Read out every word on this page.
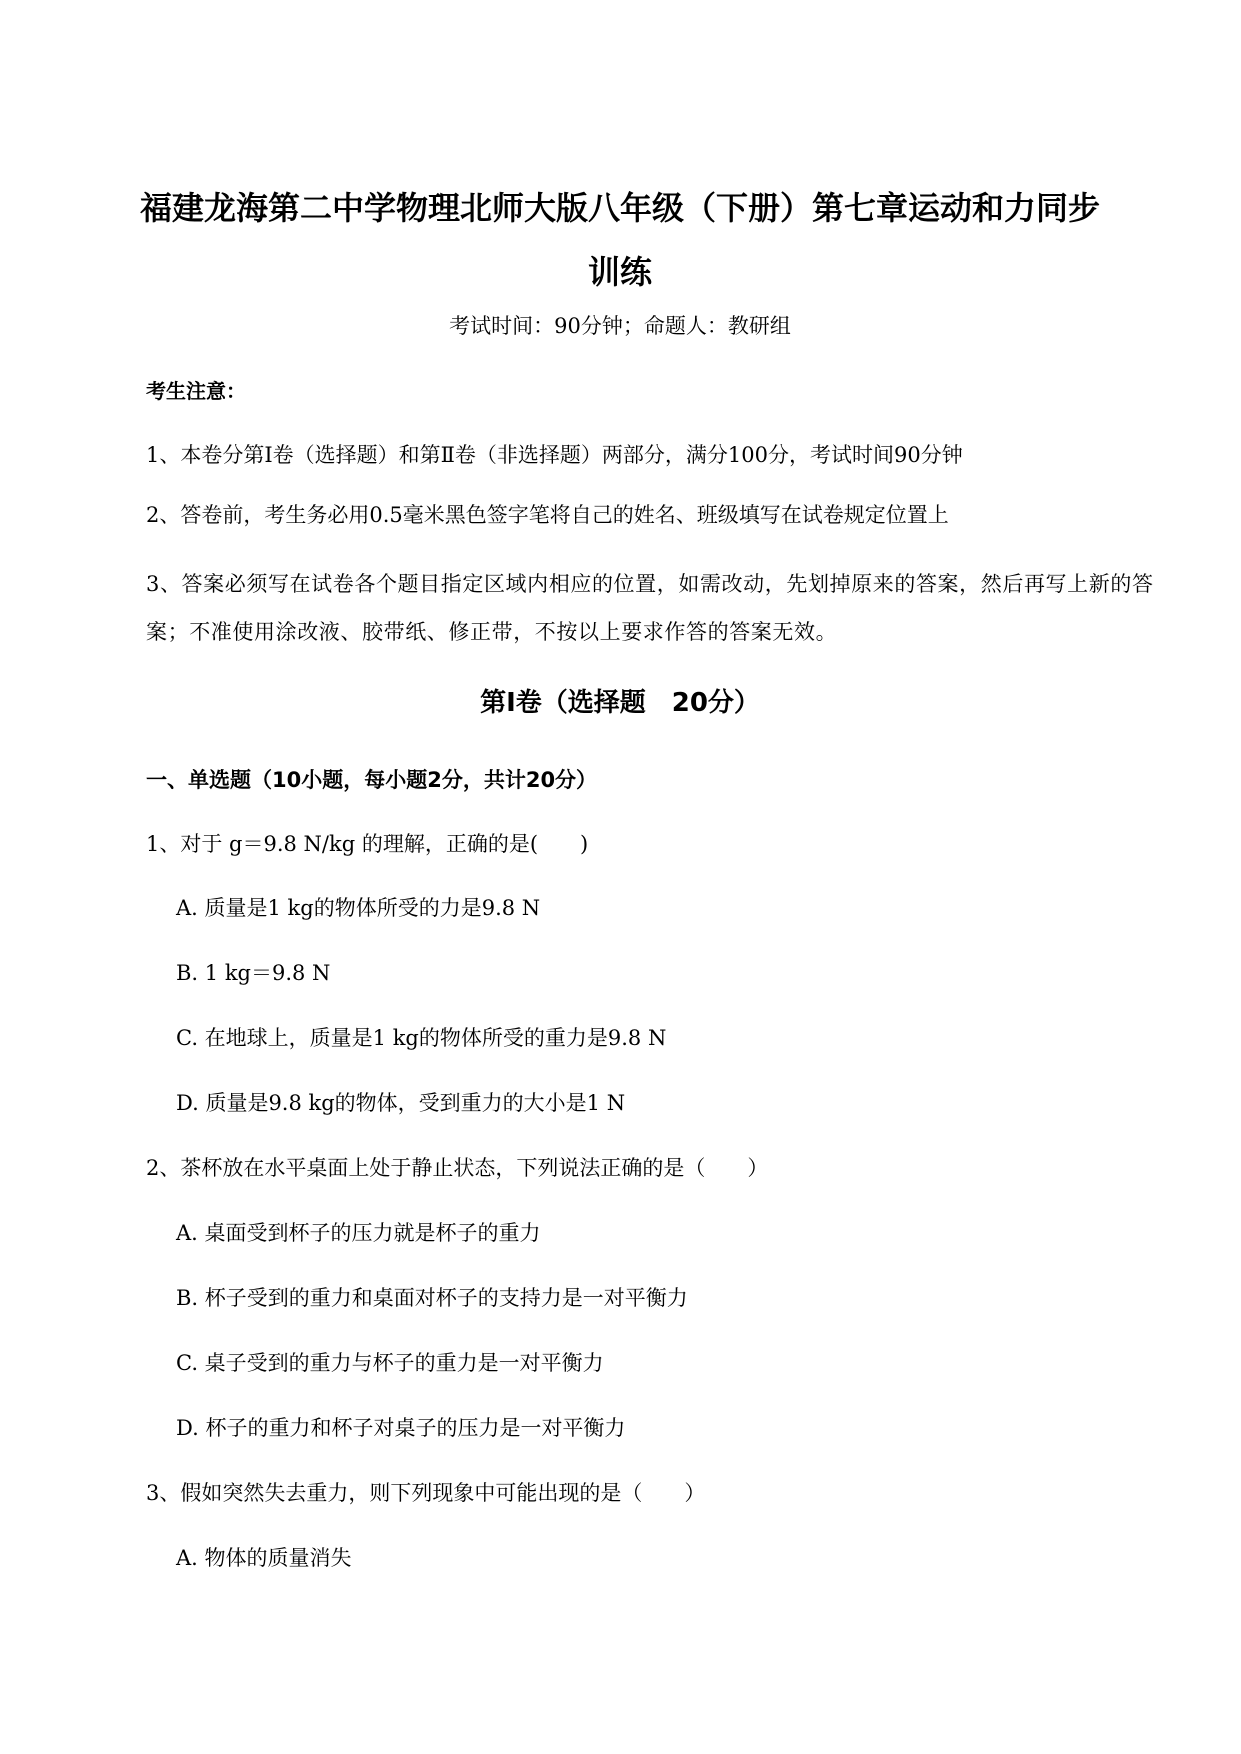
福建龙海第二中学物理北师大版八年级（下册）第七章运动和力同步
训练
考试时间：90分钟；命题人：教研组
考生注意：
1、本卷分第Ⅰ卷（选择题）和第Ⅱ卷（非选择题）两部分，满分100分，考试时间90分钟
2、答卷前，考生务必用0.5毫米黑色签字笔将自己的姓名、班级填写在试卷规定位置上
3、答案必须写在试卷各个题目指定区域内相应的位置，如需改动，先划掉原来的答案，然后再写上新的答案；不准使用涂改液、胶带纸、修正带，不按以上要求作答的答案无效。
第Ⅰ卷（选择题　20分）
一、单选题（10小题，每小题2分，共计20分）
1、对于 g＝9.8 N/kg 的理解，正确的是(　　)
A. 质量是1 kg的物体所受的力是9.8 N
B. 1 kg＝9.8 N
C. 在地球上，质量是1 kg的物体所受的重力是9.8 N
D. 质量是9.8 kg的物体，受到重力的大小是1 N
2、茶杯放在水平桌面上处于静止状态，下列说法正确的是（　　）
A. 桌面受到杯子的压力就是杯子的重力
B. 杯子受到的重力和桌面对杯子的支持力是一对平衡力
C. 桌子受到的重力与杯子的重力是一对平衡力
D. 杯子的重力和杯子对桌子的压力是一对平衡力
3、假如突然失去重力，则下列现象中可能出现的是（　　）
A. 物体的质量消失
